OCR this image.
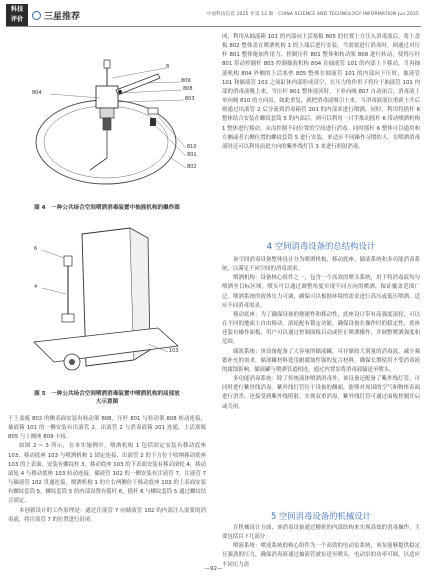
科技
评价	三星推荐	中国科技信息 2025 年第 12 期 · CHINA SCIENCE AND TECHNOLOGY INFORMATION Jun.2025
804
8
809
808
803
810
801
802
图 4　一种公共场合空间喷洒消毒装置中抽液机构的爆炸图
6
4
103
图 5　一种公共场合空间喷洒消毒装置中喷洒机构的局部放
大示意图

于上盖板 802 的侧表面安装有转动架 808。压杆 801 与转动架 808 转动连接，抽液箱 101 的一侧安装有出液管 2，出液管 2 与消毒液箱 201 连通，上活塞板 805 与上阀座 809 卡接。

如图 2 ~ 3 所示，在本实施例中，喷洒机构 1 包括固定安装有移动底座 103，移动底座 103 与喷洒机构 1 固定连接，出液管 2 的下方位于收纳移动底座 103 的上表面，安装有螺纹柱 3，移动底座 103 的下表面安装有移动滚轮 4，移动滚轮 4 与移动底座 103 转动连接，储液管 102 的一侧安装有注液管 7，注液管 7 与储液管 102 贯通连接，喷洒机构 1 的左右两侧位于移动底座 103 的上表面安装有螺纹套筒 5，螺纹套筒 5 的内部设置有摇杆 6，摇杆 6 与螺纹套筒 5 通过螺纹结合固定。

本创新设计的工作原理是：通过注液管 7 向储液管 102 的内部注入需要的消毒液，将注液管 7 的位置进行封闭。

闭，利用从抽液箱 101 的内部向上活塞板 805 的位置上方注入消毒液后，将上盖板 802 整体盖在喷洒机构 1 的上端后进行安装，当需要进行消毒时，则通过对压杆 801 整体施加作用力，控制压杆 801 整体和转动架 808 进行转动，使得压杆 801 带动控制杆 803 控制抽液机构 804 在抽液管 101 的内部上下移动，当再抽液机构 804 外侧的上活塞垫 805 整体在抽液管 101 的内部向下压时，抽液管 101 和储液管 102 之间缸体内部形成真空，在压力的作用下将位于抽液管 101 内部的消毒液吸上来，当压杆 801 整体返回时，下单向阀 807 自动闭合，消毒液上单向阀 810 的方向出，如此重复，就把消毒液吸引上来，当消毒液液位重新上升后则通过出液管 2 后分流到消毒箱管 201 的内部来进行喷洒，同时，利用将摇杆 6 整体结合安装在螺纹套筒 5 的内部后，则可以利用一只手推动摇杆 6 带动喷洒机构 1 整体进行移动，从而控制不同位置的空间进行消毒。同时摇杆 6 整体可以通用和左侧或者右侧位置的螺纹套筒 5 进行安装，来适应不同操作习惯的人，在喷洒消毒液时还可以利用前进方向的紫外线灯管 3 来进行照射消毒。

4 空间消毒设备的总结构设计

该空间消毒设备整体设计分为喷洒机构、移动底座、储液系统和多功能消毒系统，以满足不同空间的消毒需求。

喷洒机构：设备核心组件之一，包含一个高效的喷头系统，用于将消毒液均匀喷洒至目标区域。喷头可以通过调整角度实现不同方向的喷洒，保证覆盖范围广泛。喷洒系统的液体压力可调，确保可以根据环境的需求进行高压或低压喷洒，适应不同消毒需求。

移动底座：为了确保设备的便捷性和移动性，底座设计带有高强度滚轮，可以在不同的地面上自由移动。滚轮配有锁定功能，确保设备在操作时的稳定性，底座还装有操作面板，用户可以通过控制面板启动或停止喷洒操作，并调整喷洒强度和范围。

储液系统：该设备配备了大容量的储液罐，可存储较大剂量的消毒液，减少频繁补充的需求，储液罐材料选用耐腐蚀性强的复合材料，确保长期使用不受消毒液的腐蚀影响。储液罐与喷洒管道相连，通过内置泵将消毒液输送至喷头。

多功能消毒系统：除了传统液体喷洒消毒外，该设备还配备了紫外线灯管，可同时进行紫外线消毒。紫外线灯管位于设备的侧面，能够对周围的空气和物体表面进行消杀，也接受到紫外线照射，实现双重消毒，紫外线灯管可通过面板控制开启或关闭。

5 空间消毒设备的机械设计

在机械设计方面，该消毒设备通过精密的内部结构来实现高效的消毒操作，主要包括以下几部分：

喷液系统：喷液系统的核心组件为一个高效的电动泵系统，该泵能够提供稳定且强劲的压力，确保消毒液通过抽液管被泵送至喷头。电动泵的功率可调，以适应不同压力需

—92—
